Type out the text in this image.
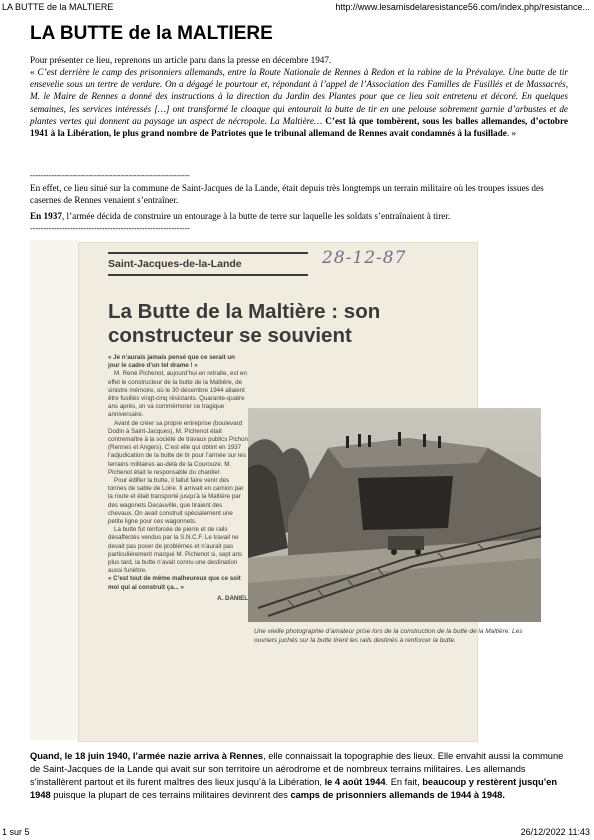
LA BUTTE de la MALTIERE	http://www.lesamisdelaresistance56.com/index.php/resistance...
LA BUTTE de la MALTIERE

Pour présenter ce lieu, reprenons un article paru dans la presse en décembre 1947.

« C’est derrière le camp des prisonniers allemands, entre la Route Nationale de Rennes à Redon et la rabine de la Prévalaye. Une butte de tir ensevelie sous un tertre de verdure. On a dégagé le pourtour et, répondant à l’appel de l’Association des Familles de Fusillés et de Massacrés, M. le Maire de Rennes a donné des instructions à la direction du Jardin des Plantes pour que ce lieu soit entretenu et décoré. En quelques semaines, les services intéressés […] ont transformé le cloaque qui entourait la butte de tir en une pelouse sobrement garnie d’arbustes et de plantes vertes qui donnent au paysage un aspect de nécropole. La Maltière… C’est là que tombèrent, sous les balles allemandes, d’octobre 1941 à la Libération, le plus grand nombre de Patriotes que le tribunal allemand de Rennes avait condamnés à la fusillade. »

------------------------------------------------------------

En effet, ce lieu situé sur la commune de Saint-Jacques de la Lande, était depuis très longtemps un terrain militaire où les troupes issues des casernes de Rennes venaient s’entraîner.

En 1937, l’armée décida de construire un entourage à la butte de terre sur laquelle les soldats s’entraînaient à tirer.

------------------------------------------------------------
Saint-Jacques-de-la-Lande	28-12-87
La Butte de la Maltière : son constructeur se souvient

« Je n’aurais jamais pensé que ce serait un jour le cadre d’un tel drame ! »

M. René Pichenot, aujourd’hui en retraite, est en effet le constructeur de la butte de la Maltière, de sinistre mémoire, où le 30 décembre 1944 allaient être fusillés vingt-cinq résistants. Quarante-quatre ans après, on va commémorer ce tragique anniversaire.

Avant de créer sa propre entreprise (boulevard Dodin à Saint-Jacques), M. Pichenot était contremaître à la société de travaux publics Pichon (Rennes et Angers). C’est elle qui obtint en 1937 l’adjudication de la butte de tir pour l’armée sur les terrains militaires au-delà de la Courouze. M. Pichenot était le responsable du chantier.

Pour édifier la butte, il fallut faire venir des tonnes de sable de Loire. Il arrivait en camion par la route et était transporté jusqu’à la Maltière par des wagonets Decauville, que tiraient des chevaux. On avait construit spécialement une petite ligne pour ces wagonnets.

La butte fut renforcée de pierre et de rails désaffectés vendus par la S.N.C.F. Le travail ne devait pas poser de problèmes et n’aurait pas particulièrement marqué M. Pichenot si, sept ans plus tard, la butte n’avait connu une destination aussi funèbre.

« C’est tout de même malheureux que ce soit moi qui ai construit ça... »

A. DANIEL

Une vieille photographie d’amateur prise lors de la construction de la butte de la Maltière. Les ouvriers juchés sur la butte tirent les rails destinés à renforcer la butte.

Quand, le 18 juin 1940, l’armée nazie arriva à Rennes, elle connaissait la topographie des lieux. Elle envahit aussi la commune de Saint-Jacques de la Lande qui avait sur son territoire un aérodrome et de nombreux terrains militaires. Les allemands s’installèrent partout et ils furent maîtres des lieux jusqu’à la Libération, le 4 août 1944. En fait, beaucoup y restèrent jusqu’en 1948 puisque la plupart de ces terrains militaires devinrent des camps de prisonniers allemands de 1944 à 1948.

1 sur 5	26/12/2022 11:43
